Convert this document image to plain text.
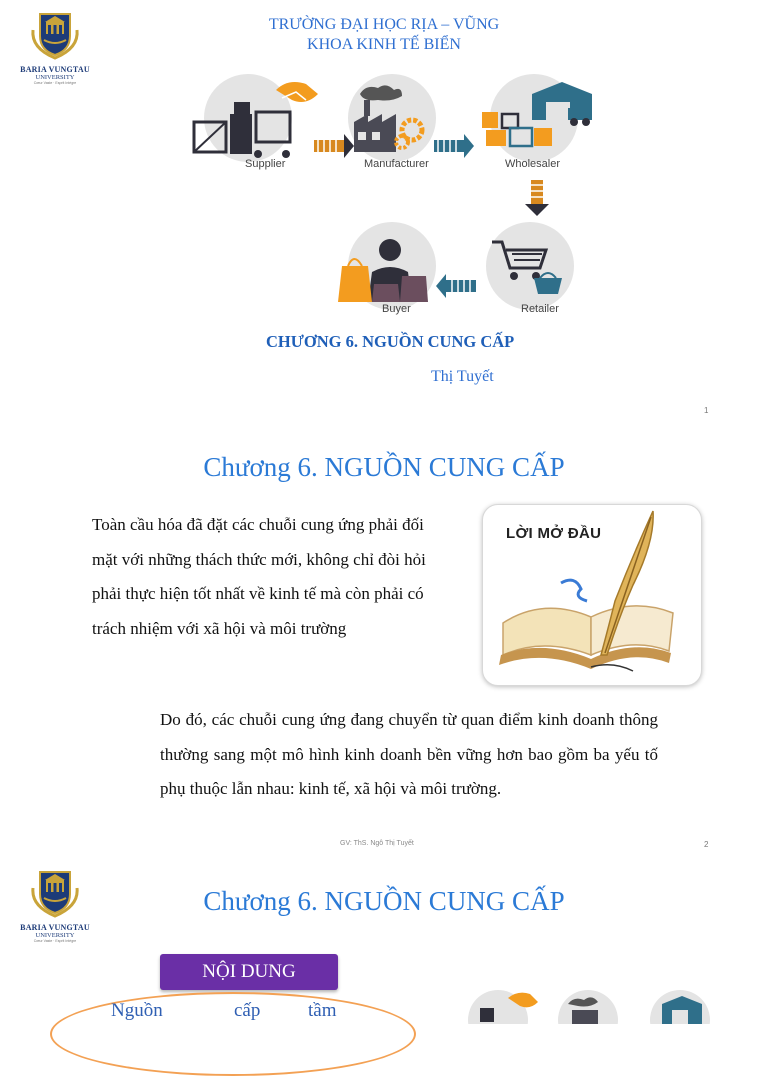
BARIA VUNGTAU
UNIVERSITY
Cœur Vaste · Esprit Intègre
TRƯỜNG ĐẠI HỌC RỊA – VŨNG
KHOA KINH TẾ BIỂN
Supplier	Manufacturer	Wholesaler
Retailer
Buyer
CHƯƠNG 6. NGUỒN CUNG CẤP
Thị Tuyết
1
Chương 6. NGUỒN CUNG CẤP
Toàn cầu hóa đã đặt các chuỗi cung ứng phải đối mặt với những thách thức mới, không chỉ đòi hỏi phải thực hiện tốt nhất về kinh tế mà còn phải có trách nhiệm với xã hội và môi trường
LỜI MỞ ĐẦU
Do đó, các chuỗi cung ứng đang chuyển từ quan điểm kinh doanh thông thường sang một mô hình kinh doanh bền vững hơn bao gồm ba yếu tố phụ thuộc lẫn nhau: kinh tế, xã hội và môi trường.
GV: ThS. Ngô Thị Tuyết	2
BARIA VUNGTAU
UNIVERSITY
Cœur Vaste · Esprit Intègre
Chương 6. NGUỒN CUNG CẤP
NỘI DUNG
Nguồn	cấp	tầm
